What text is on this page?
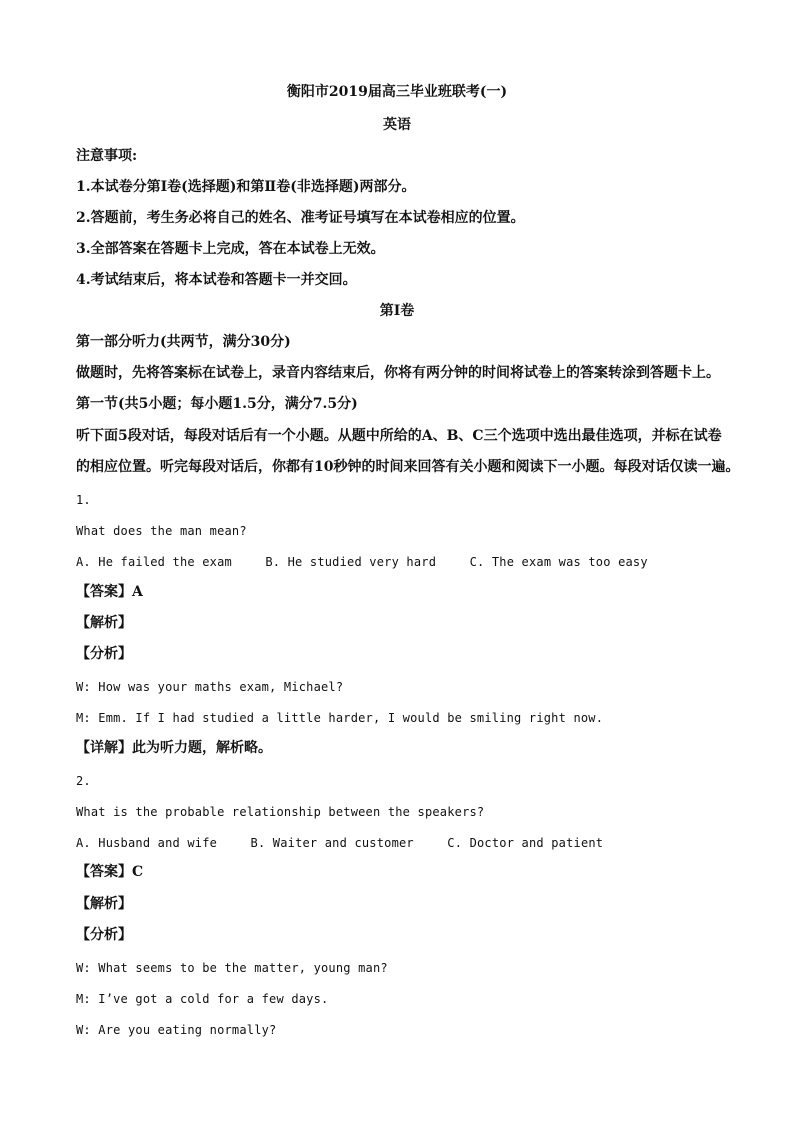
衡阳市2019届高三毕业班联考(一)
英语
注意事项:
1.本试卷分第Ⅰ卷(选择题)和第Ⅱ卷(非选择题)两部分。
2.答题前，考生务必将自己的姓名、准考证号填写在本试卷相应的位置。
3.全部答案在答题卡上完成，答在本试卷上无效。
4.考试结束后，将本试卷和答题卡一并交回。
第Ⅰ卷
第一部分听力(共两节，满分30分)
做题时，先将答案标在试卷上，录音内容结束后，你将有两分钟的时间将试卷上的答案转涂到答题卡上。
第一节(共5小题；每小题1.5分，满分7.5分)
听下面5段对话，每段对话后有一个小题。从题中所给的A、B、C三个选项中选出最佳选项，并标在试卷
的相应位置。听完每段对话后，你都有10秒钟的时间来回答有关小题和阅读下一小题。每段对话仅读一遍。
1.
What does the man mean?
A. He failed the exam	B. He studied very hard	C. The exam was too easy
【答案】A
【解析】
【分析】
W: How was your maths exam, Michael?
M: Emm. If I had studied a little harder, I would be smiling right now.
【详解】此为听力题，解析略。
2.
What is the probable relationship between the speakers?
A. Husband and wife	B. Waiter and customer	C. Doctor and patient
【答案】C
【解析】
【分析】
W: What seems to be the matter, young man?
M: I’ve got a cold for a few days.
W: Are you eating normally?
